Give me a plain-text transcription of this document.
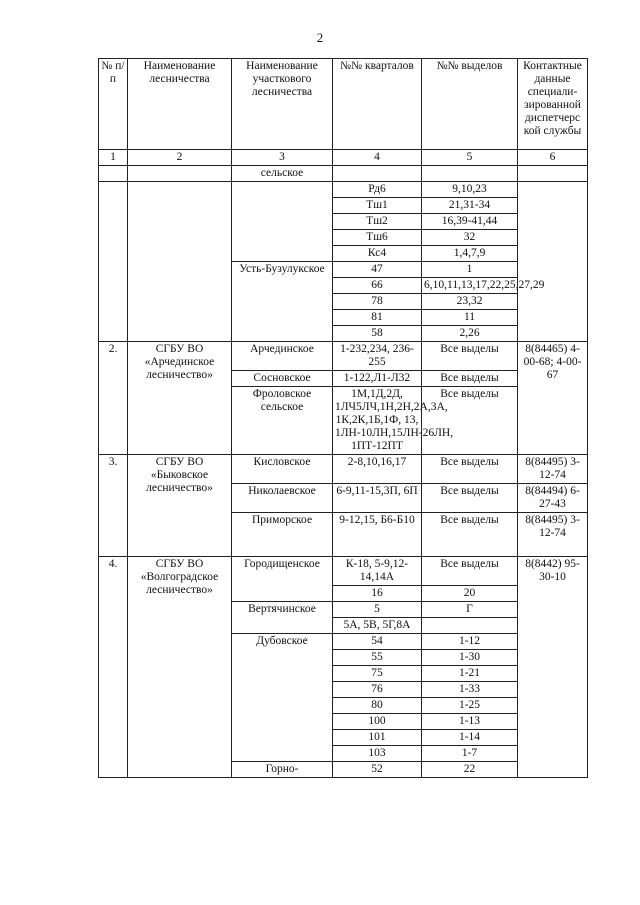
2
№ п/п	Наименование лесничества	Наименование участкового лесничества	№№ кварталов	№№ выделов	Контактные данные специали-зированной диспетчерс кой службы
1	2	3	4	5	6
		сельское			
			Рд6	9,10,23	
			Тш1	21,31-34	
			Тш2	16,39-41,44	
			Тш6	32	
			Кс4	1,4,7,9	
		Усть-Бузулукское	47	1	
			66	6,10,11,13,17,22,25,27,29	
			78	23,32	
			81	11	
			58	2,26	
2.	СГБУ ВО «Арчединское лесничество»	Арчединское	1-232,234, 236-255	Все выделы	8(84465) 4-00-68; 4-00-67
		Сосновское	1-122,Л1-Л32	Все выделы	
		Фроловское сельское	1М,1Д,2Д, 1ЛЧ5ЛЧ,1Н,2Н,2А,3А, 1К,2К,1Б,1Ф, 13, 1ЛН-10ЛН,15ЛН-26ЛН, 1ПТ-12ПТ	Все выделы	
3.	СГБУ ВО «Быковское лесничество»	Кисловское	2-8,10,16,17	Все выделы	8(84495) 3-12-74
		Николаевское	6-9,11-15,3П, 6П	Все выделы	8(84494) 6-27-43
		Приморское	9-12,15, Б6-Б10	Все выделы	8(84495) 3-12-74
4.	СГБУ ВО «Волгоградское лесничество»	Городищенское	К-18, 5-9,12-14,14А	Все выделы	8(8442) 95-30-10
			16	20	
		Вертячинское	5	Г	
			5А, 5В, 5Г,8А		
		Дубовское	54	1-12	
			55	1-30	
			75	1-21	
			76	1-33	
			80	1-25	
			100	1-13	
			101	1-14	
			103	1-7	
		Горно-	52	22	
